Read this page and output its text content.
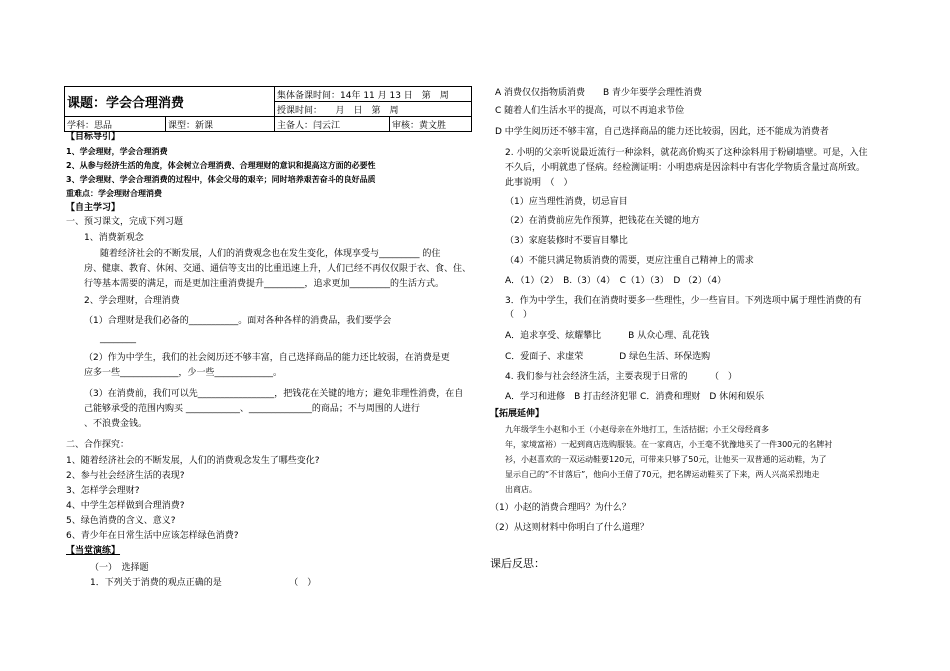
课题：学会合理消费		集体备课时间：14年 11 月 13 日　第　周	
		授课时间：　　月　日　第　周	
学科：思品	课型：新课	主备人：闫云江	审核：黄文胜
【目标导引】
1、学会理财，学会合理消费
2、从参与经济生活的角度，体会树立合理消费、合理理财的意识和提高这方面的必要性
3、学会理财、学会合理消费的过程中，体会父母的艰辛；同时培养艰苦奋斗的良好品质
重难点：学会理财合理消费
【自主学习】
一、预习课文，完成下列习题
1、消费新观念
随着经济社会的不断发展，人们的消费观念也在发生变化，体现享受与_________ 的住
房、健康、教育、休闲、交通、通信等支出的比重迅速上升，人们已经不再仅仅限于衣、食、住、
行等基本需要的满足，而是更加注重消费提升_________，追求更加_________的生活方式。
2、学会理财，合理消费
（1）合理财是我们必备的___________。面对各种各样的消费品，我们要学会
________
（2）作为中学生，我们的社会阅历还不够丰富，自己选择商品的能力还比较弱，在消费是更
应多一些_____________，少一些_____________。
（3）在消费前，我们可以先_________________，把钱花在关键的地方；避免非理性消费，在自
己能够承受的范围内购买 ____________、______________的商品；不与周围的人进行
、不浪费金钱。
二、合作探究：
1、随着经济社会的不断发展，人们的消费观念发生了哪些变化?
2、参与社会经济生活的表现?
3、怎样学会理财?
4、中学生怎样做到合理消费?
5、绿色消费的含义、意义?
6、青少年在日常生活中应该怎样绿色消费?
【当堂演练】
（一）　选择题
1．下列关于消费的观点正确的是　　　　　　　　（　）
A 消费仅仅指物质消费　　B 青少年要学会理性消费
C 随着人们生活水平的提高，可以不再追求节俭
D 中学生阅历还不够丰富，自己选择商品的能力还比较弱，因此，还不能成为消费者
2. 小明的父亲听说最近流行一种涂料，就花高价购买了这种涂料用于粉刷墙壁。可是，入住
不久后，小明就患了怪病。经检测证明：小明患病是因涂料中有害化学物质含量过高所致。
此事说明　（　）
（1）应当理性消费，切忌盲目
（2）在消费前应先作预算，把钱花在关键的地方
（3）家庭装修时不要盲目攀比
（4）不能只满足物质消费的需要，更应注重自己精神上的需求
A．（1）（2）　B.（3）（4）　C（1）（3）　D （2）（4）
3．作为中学生，我们在消费时要多一些理性，少一些盲目。下列选项中属于理性消费的有
（　）
A．追求享受、炫耀攀比　　　B 从众心理、乱花钱
C．爱面子、求虚荣　　　　D 绿色生活、环保选购
4. 我们参与社会经济生活，主要表现于日常的　　　（　）
A．学习和进修　B 打击经济犯罪 C．消费和理财　D 休闲和娱乐
【拓展延伸】
九年级学生小赵和小王（小赵母亲在外地打工，生活拮据；小王父母经商多
年，家境富裕）一起到商店选购服装。在一家商店，小王毫不犹豫地买了一件300元的名牌衬
衫，小赵喜欢的一双运动鞋要120元，可带来只够了50元，让他买一双普通的运动鞋，为了
显示自己的“不甘落后”，他向小王借了70元，把名牌运动鞋买了下来，两人兴高采烈地走
出商店。
（1）小赵的消费合理吗？为什么？
（2）从这则材料中你明白了什么道理？
课后反思：
